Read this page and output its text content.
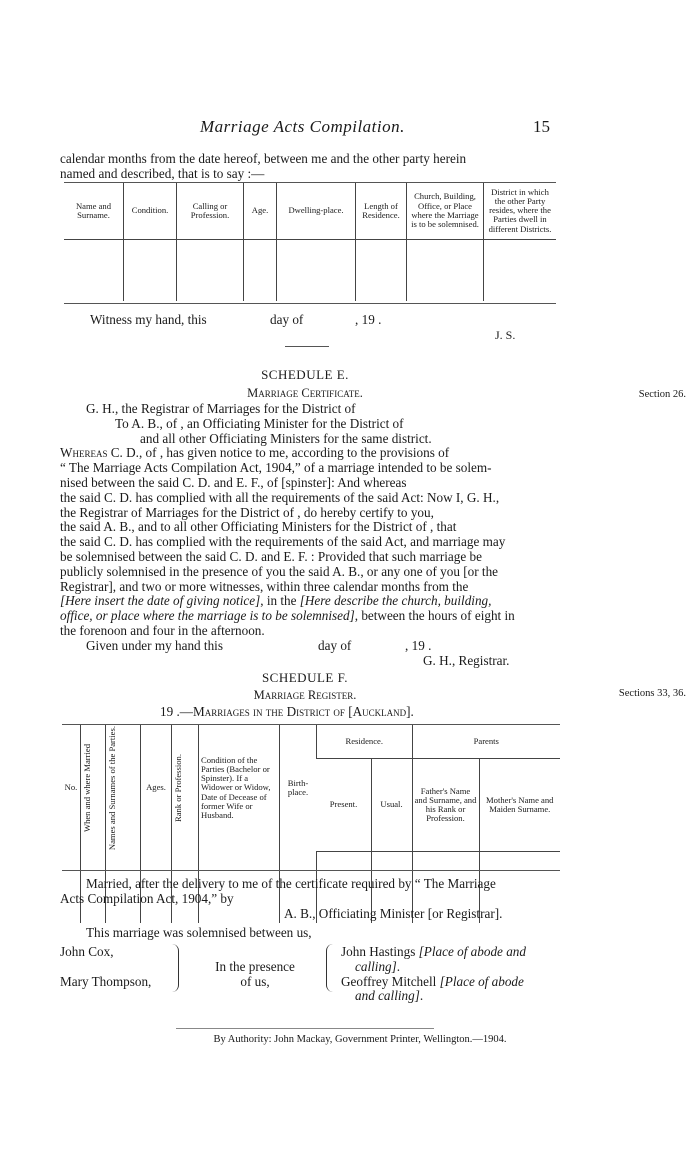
Marriage Acts Compilation.	15
calendar months from the date hereof, between me and the other party herein
named and described, that is to say :—
Name and Surname.	Condition.	Calling or Profession.	Age.	Dwelling-place.	Length of Residence.	Church, Building, Office, or Place where the Marriage is to be solemnised.	District in which the other Party resides, where the Parties dwell in different Districts.

Witness my hand, this	day of	, 19 .
J. S.
SCHEDULE E.
Marriage Certificate.	Section 26.
G. H., the Registrar of Marriages for the District of
To A. B., of , an Officiating Minister for the District of
and all other Officiating Ministers for the same district.
Whereas C. D., of , has given notice to me, according to the provisions of
“ The Marriage Acts Compilation Act, 1904,” of a marriage intended to be solem-
nised between the said C. D. and E. F., of [spinster]: And whereas
the said C. D. has complied with all the requirements of the said Act: Now I, G. H.,
the Registrar of Marriages for the District of , do hereby certify to you,
the said A. B., and to all other Officiating Ministers for the District of , that
the said C. D. has complied with the requirements of the said Act, and marriage may
be solemnised between the said C. D. and E. F. : Provided that such marriage be
publicly solemnised in the presence of you the said A. B., or any one of you [or the
Registrar], and two or more witnesses, within three calendar months from the
[Here insert the date of giving notice], in the [Here describe the church, building,
office, or place where the marriage is to be solemnised], between the hours of eight in
the forenoon and four in the afternoon.
Given under my hand this	day of	, 19 .
G. H., Registrar.
SCHEDULE F.
Marriage Register.	Sections 33, 36.
19 .—Marriages in the District of [Auckland].
No.	When and where Married	Names and Surnames of the Parties.	Ages.	Rank or Profession.	Condition of the Parties (Bachelor or Spinster). If a Widower or Widow, Date of Decease of former Wife or Husband.	Birth-place.	Residence.		Parents	
							Present.	Usual.	Father's Name and Surname, and his Rank or Profession.	Mother's Name and Maiden Surname.

Married, after the delivery to me of the certificate required by “ The Marriage
Acts Compilation Act, 1904,” by
A. B., Officiating Minister [or Registrar].
This marriage was solemnised between us,
John Cox,
Mary Thompson,
In the presence
of us,
John Hastings [Place of abode and
calling].
Geoffrey Mitchell [Place of abode
and calling].
By Authority: John Mackay, Government Printer, Wellington.—1904.
